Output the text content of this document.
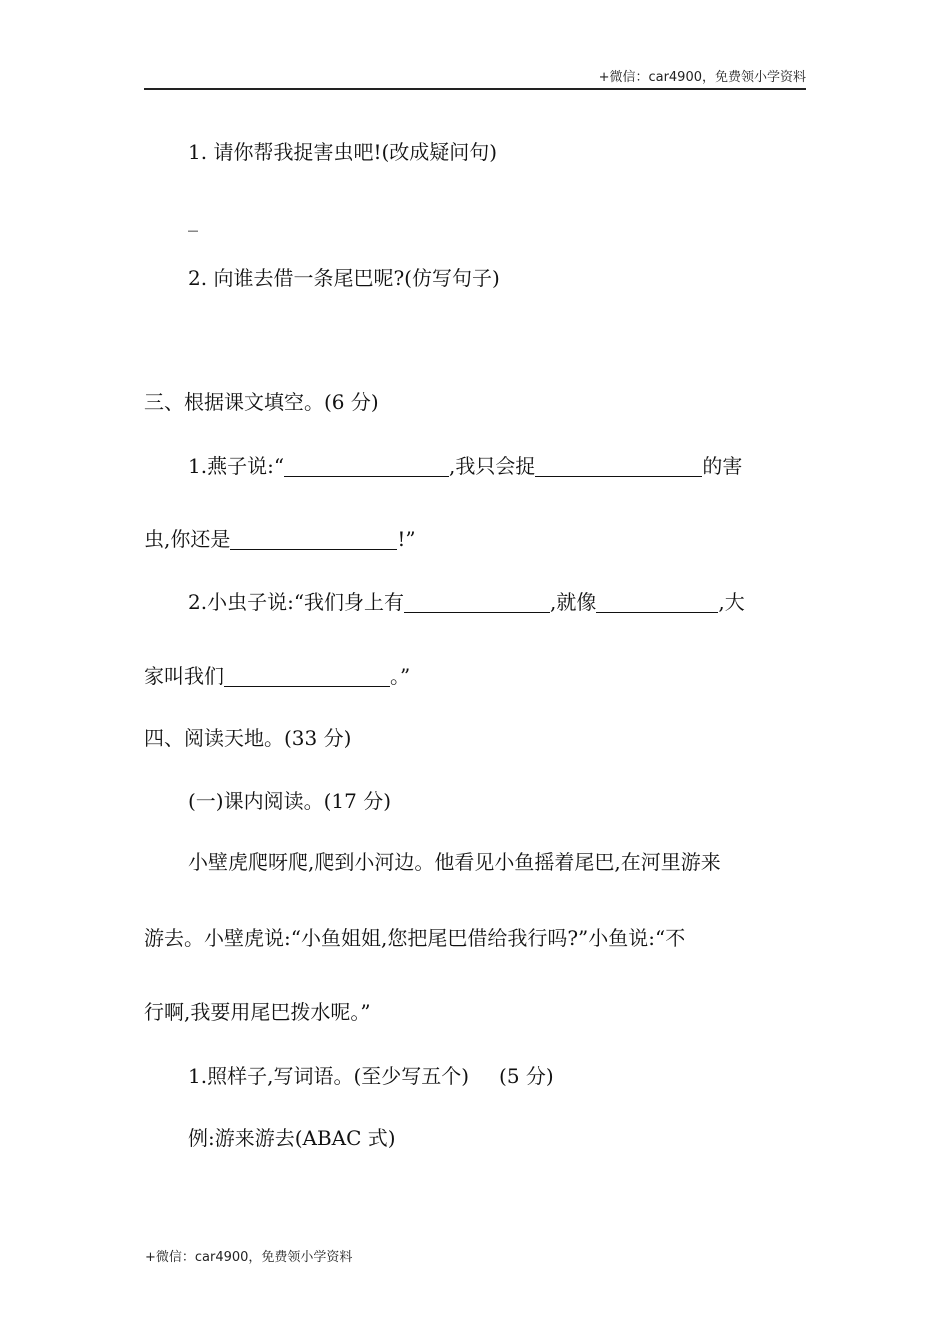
+微信：car4900，免费领小学资料
1. 请你帮我捉害虫吧!(改成疑问句)
_
2. 向谁去借一条尾巴呢?(仿写句子)
三、根据课文填空。(6 分)
1.燕子说:“	,我只会捉	的害
虫,你还是	!”
2.小虫子说:“我们身上有	,就像	,大
家叫我们	。”
四、阅读天地。(33 分)
(一)课内阅读。(17 分)
小壁虎爬呀爬,爬到小河边。他看见小鱼摇着尾巴,在河里游来
游去。小壁虎说:“小鱼姐姐,您把尾巴借给我行吗?”小鱼说:“不
行啊,我要用尾巴拨水呢。”
1.照样子,写词语。(至少写五个) (5 分)
例:游来游去(ABAC 式)
+微信：car4900，免费领小学资料
